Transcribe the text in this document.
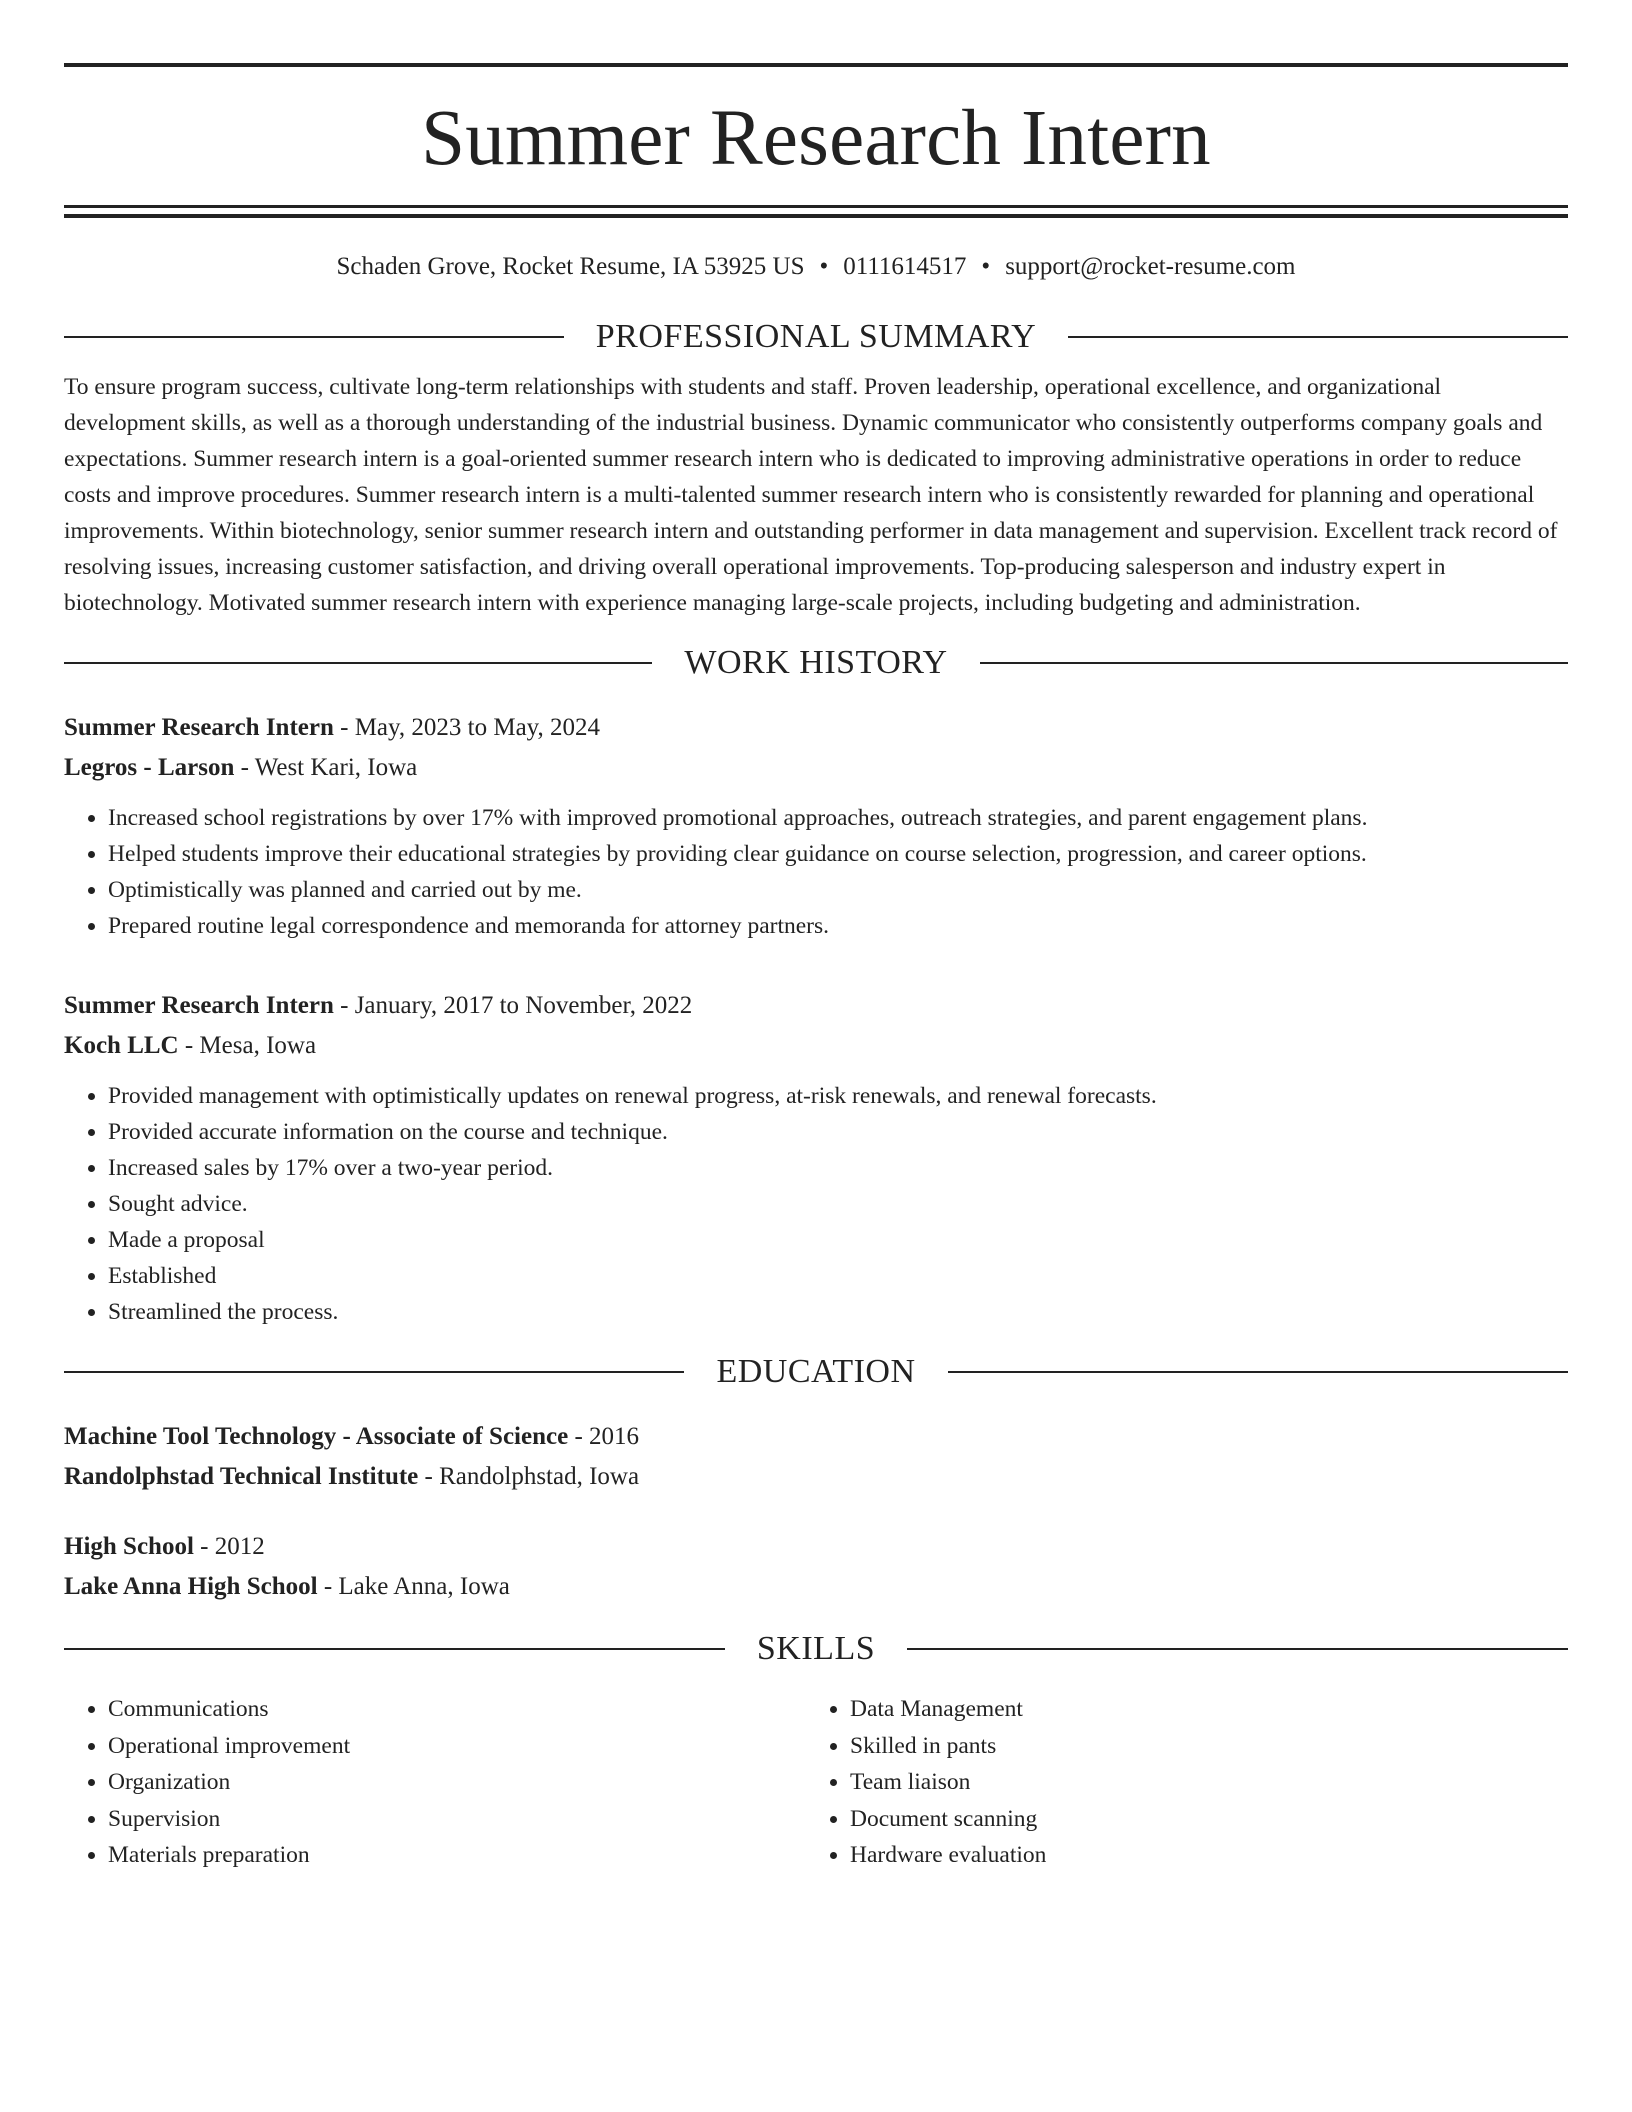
Summer Research Intern
Schaden Grove, Rocket Resume, IA 53925 US • 0111614517 • support@rocket-resume.com
PROFESSIONAL SUMMARY
To ensure program success, cultivate long-term relationships with students and staff. Proven leadership, operational excellence, and organizational development skills, as well as a thorough understanding of the industrial business. Dynamic communicator who consistently outperforms company goals and expectations. Summer research intern is a goal-oriented summer research intern who is dedicated to improving administrative operations in order to reduce costs and improve procedures. Summer research intern is a multi-talented summer research intern who is consistently rewarded for planning and operational improvements. Within biotechnology, senior summer research intern and outstanding performer in data management and supervision. Excellent track record of resolving issues, increasing customer satisfaction, and driving overall operational improvements. Top-producing salesperson and industry expert in biotechnology. Motivated summer research intern with experience managing large-scale projects, including budgeting and administration.
WORK HISTORY
Summer Research Intern - May, 2023 to May, 2024
Legros - Larson - West Kari, Iowa
• Increased school registrations by over 17% with improved promotional approaches, outreach strategies, and parent engagement plans.
• Helped students improve their educational strategies by providing clear guidance on course selection, progression, and career options.
• Optimistically was planned and carried out by me.
• Prepared routine legal correspondence and memoranda for attorney partners.
Summer Research Intern - January, 2017 to November, 2022
Koch LLC - Mesa, Iowa
• Provided management with optimistically updates on renewal progress, at-risk renewals, and renewal forecasts.
• Provided accurate information on the course and technique.
• Increased sales by 17% over a two-year period.
• Sought advice.
• Made a proposal
• Established
• Streamlined the process.
EDUCATION
Machine Tool Technology - Associate of Science - 2016
Randolphstad Technical Institute - Randolphstad, Iowa
High School - 2012
Lake Anna High School - Lake Anna, Iowa
SKILLS
• Communications
• Operational improvement
• Organization
• Supervision
• Materials preparation
• Data Management
• Skilled in pants
• Team liaison
• Document scanning
• Hardware evaluation
